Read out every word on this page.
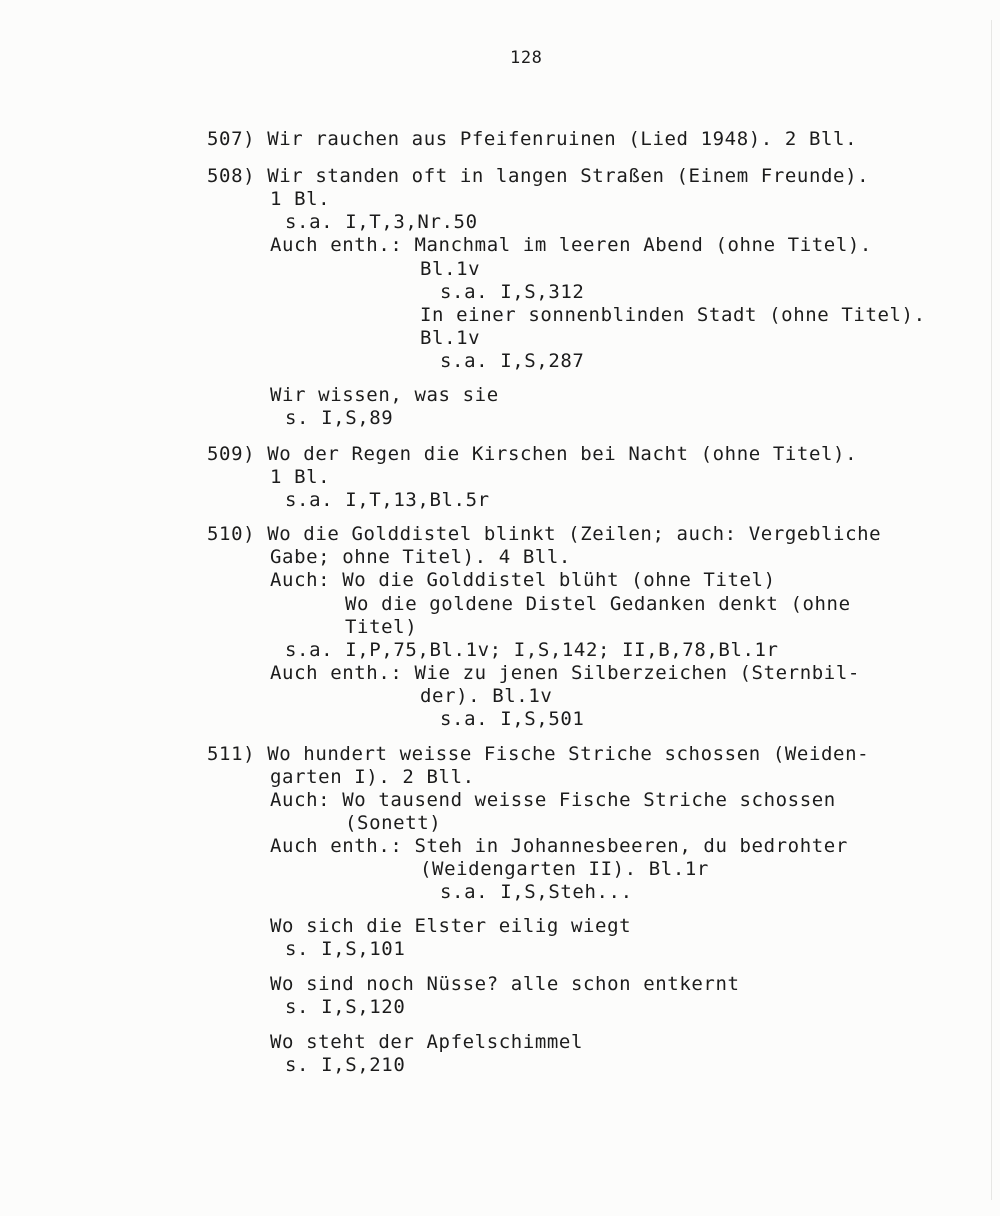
128
507) Wir rauchen aus Pfeifenruinen (Lied 1948). 2 Bll.
508) Wir standen oft in langen Straßen (Einem Freunde).
1 Bl.
s.a. I,T,3,Nr.50
Auch enth.: Manchmal im leeren Abend (ohne Titel).
Bl.1v
s.a. I,S,312
In einer sonnenblinden Stadt (ohne Titel).
Bl.1v
s.a. I,S,287
Wir wissen, was sie
s. I,S,89
509) Wo der Regen die Kirschen bei Nacht (ohne Titel).
1 Bl.
s.a. I,T,13,Bl.5r
510) Wo die Golddistel blinkt (Zeilen; auch: Vergebliche
Gabe; ohne Titel). 4 Bll.
Auch: Wo die Golddistel blüht (ohne Titel)
Wo die goldene Distel Gedanken denkt (ohne
Titel)
s.a. I,P,75,Bl.1v; I,S,142; II,B,78,Bl.1r
Auch enth.: Wie zu jenen Silberzeichen (Sternbil-
der). Bl.1v
s.a. I,S,501
511) Wo hundert weisse Fische Striche schossen (Weiden-
garten I). 2 Bll.
Auch: Wo tausend weisse Fische Striche schossen
(Sonett)
Auch enth.: Steh in Johannesbeeren, du bedrohter
(Weidengarten II). Bl.1r
s.a. I,S,Steh...
Wo sich die Elster eilig wiegt
s. I,S,101
Wo sind noch Nüsse? alle schon entkernt
s. I,S,120
Wo steht der Apfelschimmel
s. I,S,210
